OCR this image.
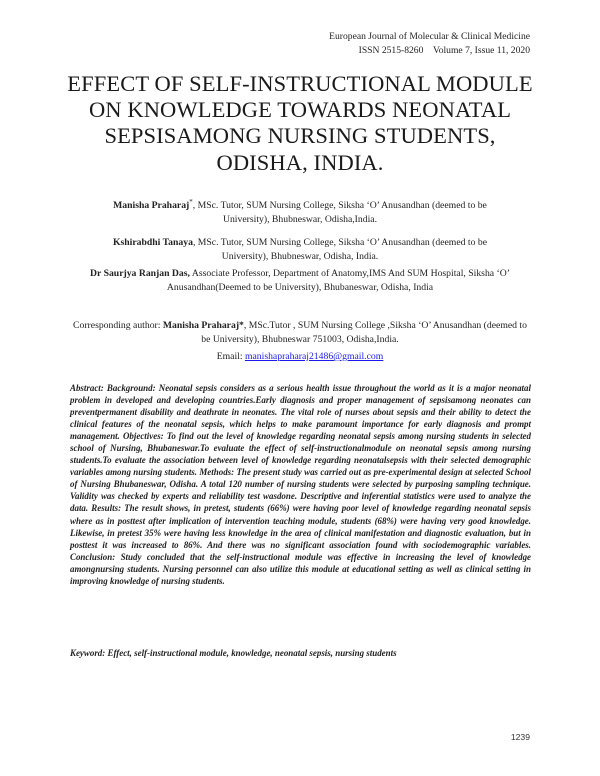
European Journal of Molecular & Clinical Medicine
ISSN 2515-8260 Volume 7, Issue 11, 2020
EFFECT OF SELF-INSTRUCTIONAL MODULE ON KNOWLEDGE TOWARDS NEONATAL SEPSISAMONG NURSING STUDENTS, ODISHA, INDIA.
Manisha Praharaj*, MSc. Tutor, SUM Nursing College, Siksha ‘O’ Anusandhan (deemed to be University), Bhubneswar, Odisha,India.
Kshirabdhi Tanaya, MSc. Tutor, SUM Nursing College, Siksha ‘O’ Anusandhan (deemed to be University), Bhubneswar, Odisha, India.
Dr Saurjya Ranjan Das, Associate Professor, Department of Anatomy,IMS And SUM Hospital, Siksha ‘O’ Anusandhan(Deemed to be University), Bhubaneswar, Odisha, India
Corresponding author: Manisha Praharaj*, MSc.Tutor , SUM Nursing College ,Siksha ‘O’ Anusandhan (deemed to be University), Bhubneswar 751003, Odisha,India.
Email: manishapraharaj21486@gmail.com

Abstract: Background: Neonatal sepsis considers as a serious health issue throughout the world as it is a major neonatal problem in developed and developing countries.Early diagnosis and proper management of sepsisamong neonates can preventpermanent disability and deathrate in neonates. The vital role of nurses about sepsis and their ability to detect the clinical features of the neonatal sepsis, which helps to make paramount importance for early diagnosis and prompt management. Objectives: To find out the level of knowledge regarding neonatal sepsis among nursing students in selected school of Nursing, Bhubaneswar.To evaluate the effect of self-instructionalmodule on neonatal sepsis among nursing students.To evaluate the association between level of knowledge regarding neonatalsepsis with their selected demographic variables among nursing students. Methods: The present study was carried out as pre-experimental design at selected School of Nursing Bhubaneswar, Odisha. A total 120 number of nursing students were selected by purposing sampling technique. Validity was checked by experts and reliability test wasdone. Descriptive and inferential statistics were used to analyze the data. Results: The result shows, in pretest, students (66%) were having poor level of knowledge regarding neonatal sepsis where as in posttest after implication of intervention teaching module, students (68%) were having very good knowledge. Likewise, in pretest 35% were having less knowledge in the area of clinical manifestation and diagnostic evaluation, but in posttest it was increased to 86%. And there was no significant association found with sociodemographic variables. Conclusion: Study concluded that the self-instructional module was effective in increasing the level of knowledge amongnursing students. Nursing personnel can also utilize this module at educational setting as well as clinical setting in improving knowledge of nursing students.

Keyword: Effect, self-instructional module, knowledge, neonatal sepsis, nursing students
1239
